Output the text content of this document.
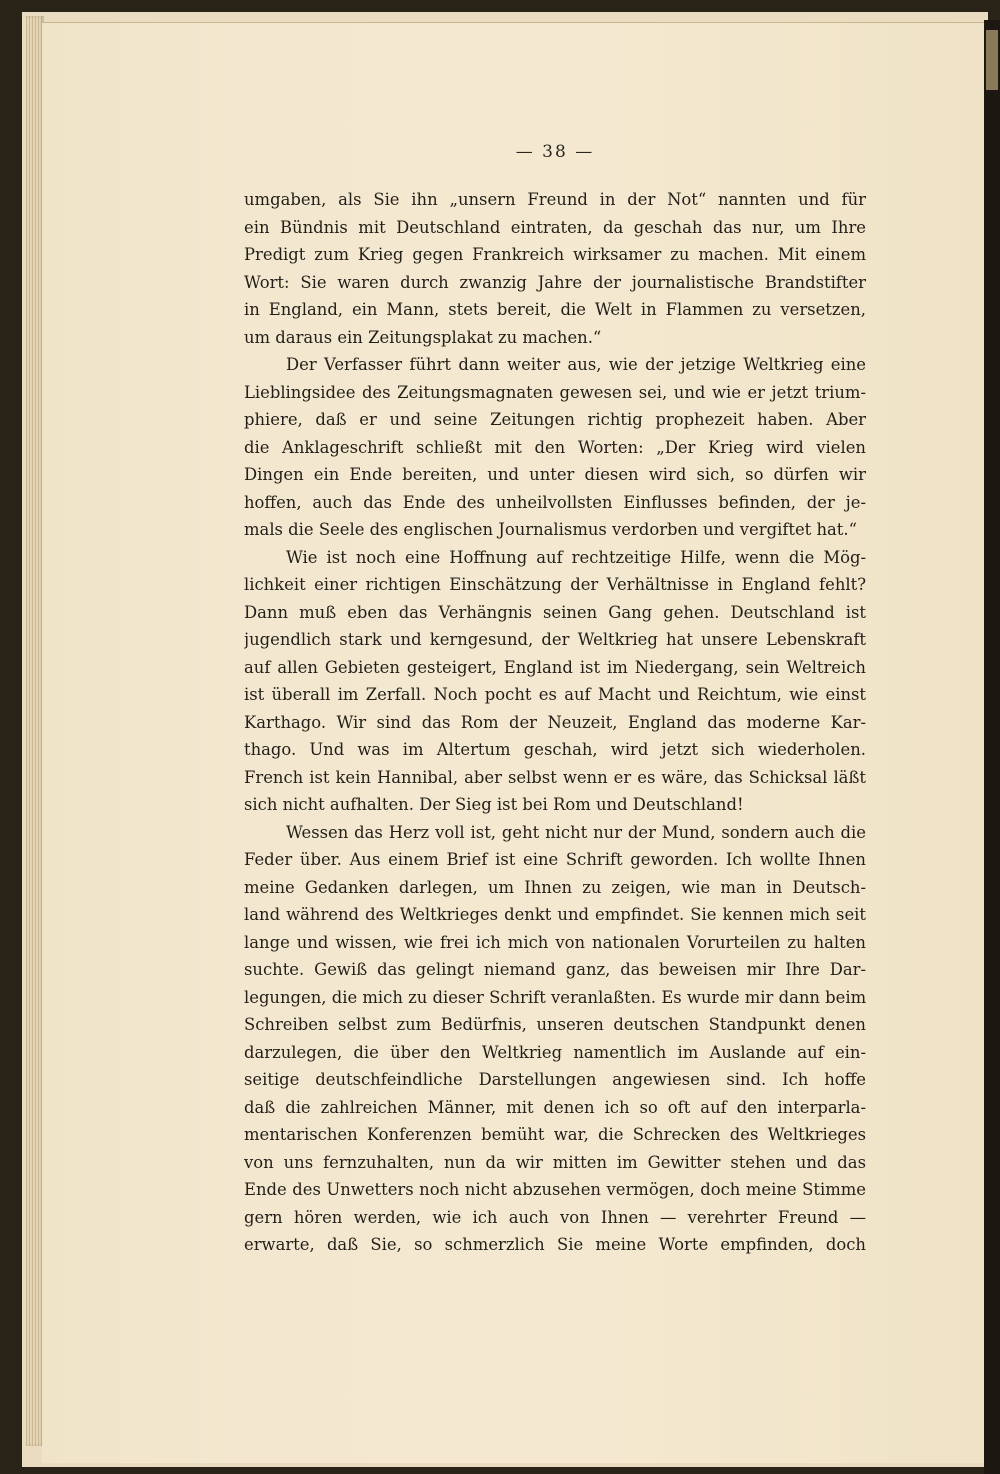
— 38 —
umgaben, als Sie ihn „unsern Freund in der Not“ nannten und für
ein Bündnis mit Deutschland eintraten, da geschah das nur, um Ihre
Predigt zum Krieg gegen Frankreich wirksamer zu machen. Mit einem
Wort: Sie waren durch zwanzig Jahre der journalistische Brandstifter
in England, ein Mann, stets bereit, die Welt in Flammen zu versetzen,
um daraus ein Zeitungsplakat zu machen.“
Der Verfasser führt dann weiter aus, wie der jetzige Weltkrieg eine
Lieblingsidee des Zeitungsmagnaten gewesen sei, und wie er jetzt trium-
phiere, daß er und seine Zeitungen richtig prophezeit haben. Aber
die Anklageschrift schließt mit den Worten: „Der Krieg wird vielen
Dingen ein Ende bereiten, und unter diesen wird sich, so dürfen wir
hoffen, auch das Ende des unheilvollsten Einflusses befinden, der je-
mals die Seele des englischen Journalismus verdorben und vergiftet hat.“
Wie ist noch eine Hoffnung auf rechtzeitige Hilfe, wenn die Mög-
lichkeit einer richtigen Einschätzung der Verhältnisse in England fehlt?
Dann muß eben das Verhängnis seinen Gang gehen. Deutschland ist
jugendlich stark und kerngesund, der Weltkrieg hat unsere Lebenskraft
auf allen Gebieten gesteigert, England ist im Niedergang, sein Weltreich
ist überall im Zerfall. Noch pocht es auf Macht und Reichtum, wie einst
Karthago. Wir sind das Rom der Neuzeit, England das moderne Kar-
thago. Und was im Altertum geschah, wird jetzt sich wiederholen.
French ist kein Hannibal, aber selbst wenn er es wäre, das Schicksal läßt
sich nicht aufhalten. Der Sieg ist bei Rom und Deutschland!
Wessen das Herz voll ist, geht nicht nur der Mund, sondern auch die
Feder über. Aus einem Brief ist eine Schrift geworden. Ich wollte Ihnen
meine Gedanken darlegen, um Ihnen zu zeigen, wie man in Deutsch-
land während des Weltkrieges denkt und empfindet. Sie kennen mich seit
lange und wissen, wie frei ich mich von nationalen Vorurteilen zu halten
suchte. Gewiß das gelingt niemand ganz, das beweisen mir Ihre Dar-
legungen, die mich zu dieser Schrift veranlaßten. Es wurde mir dann beim
Schreiben selbst zum Bedürfnis, unseren deutschen Standpunkt denen
darzulegen, die über den Weltkrieg namentlich im Auslande auf ein-
seitige deutschfeindliche Darstellungen angewiesen sind. Ich hoffe
daß die zahlreichen Männer, mit denen ich so oft auf den interparla-
mentarischen Konferenzen bemüht war, die Schrecken des Weltkrieges
von uns fernzuhalten, nun da wir mitten im Gewitter stehen und das
Ende des Unwetters noch nicht abzusehen vermögen, doch meine Stimme
gern hören werden, wie ich auch von Ihnen — verehrter Freund —
erwarte, daß Sie, so schmerzlich Sie meine Worte empfinden, doch
